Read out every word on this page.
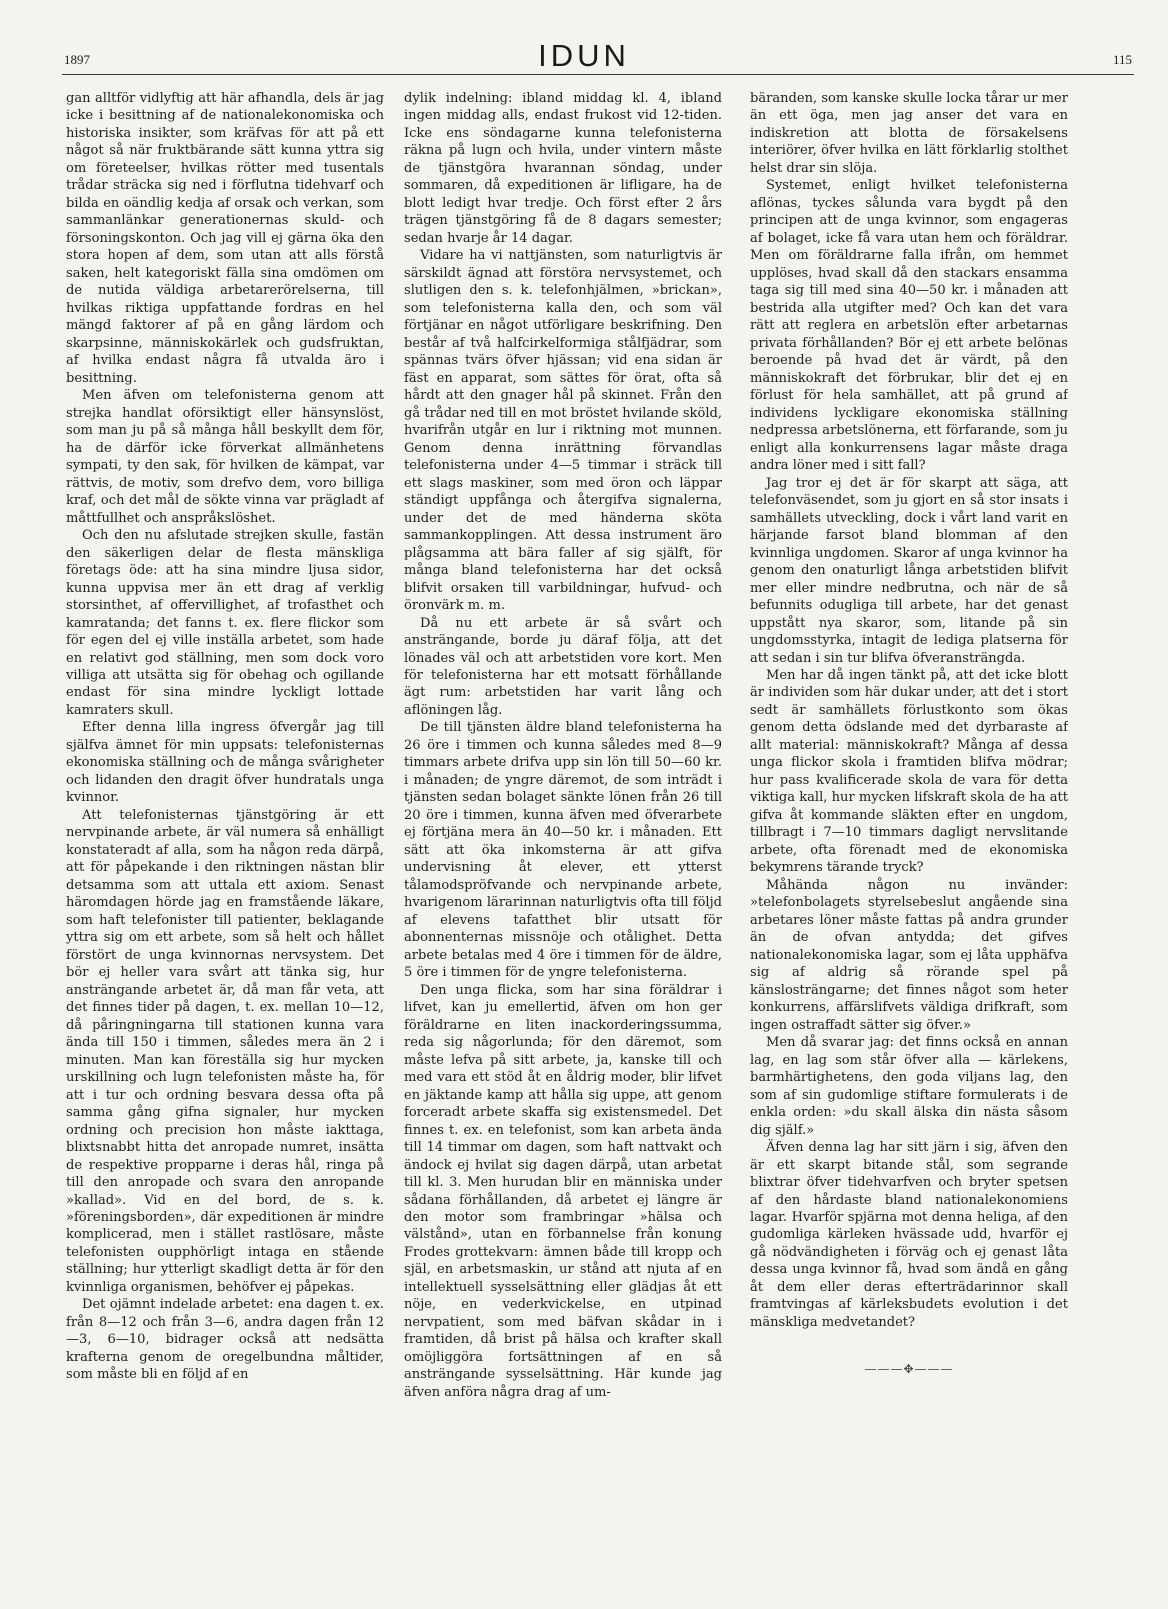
1897	IDUN	115

gan alltför vidlyftig att här afhandla, dels är jag icke i besittning af de nationalekonomiska och historiska insikter, som kräfvas för att på ett något så när fruktbärande sätt kunna yttra sig om företeelser, hvilkas rötter med tusentals trådar sträcka sig ned i förflutna tidehvarf och bilda en oändlig kedja af orsak och verkan, som sammanlänkar generationernas skuld- och försoningskonton. Och jag vill ej gärna öka den stora hopen af dem, som utan att alls förstå saken, helt kategoriskt fälla sina omdömen om de nutida väldiga arbetarerörelserna, till hvilkas riktiga uppfattande fordras en hel mängd faktorer af på en gång lärdom och skarpsinne, människokärlek och gudsfruktan, af hvilka endast några få utvalda äro i besittning.

Men äfven om telefonisterna genom att strejka handlat oförsiktigt eller hänsynslöst, som man ju på så många håll beskyllt dem för, ha de därför icke förverkat allmänhetens sympati, ty den sak, för hvilken de kämpat, var rättvis, de motiv, som drefvo dem, voro billiga kraf, och det mål de sökte vinna var prägladt af måttfullhet och anspråkslöshet.

Och den nu afslutade strejken skulle, fastän den säkerligen delar de flesta mänskliga företags öde: att ha sina mindre ljusa sidor, kunna uppvisa mer än ett drag af verklig storsinthet, af offervillighet, af trofasthet och kamratanda; det fanns t. ex. flere flickor som för egen del ej ville inställa arbetet, som hade en relativt god ställning, men som dock voro villiga att utsätta sig för obehag och ogillande endast för sina mindre lyckligt lottade kamraters skull.

Efter denna lilla ingress öfvergår jag till själfva ämnet för min uppsats: telefonisternas ekonomiska ställning och de många svårigheter och lidanden den dragit öfver hundratals unga kvinnor.

Att telefonisternas tjänstgöring är ett nervpinande arbete, är väl numera så enhälligt konstateradt af alla, som ha någon reda därpå, att för påpekande i den riktningen nästan blir detsamma som att uttala ett axiom. Senast häromdagen hörde jag en framstående läkare, som haft telefonister till patienter, beklagande yttra sig om ett arbete, som så helt och hållet förstört de unga kvinnornas nervsystem. Det bör ej heller vara svårt att tänka sig, hur ansträngande arbetet är, då man får veta, att det finnes tider på dagen, t. ex. mellan 10—12, då påringningarna till stationen kunna vara ända till 150 i timmen, således mera än 2 i minuten. Man kan föreställa sig hur mycken urskillning och lugn telefonisten måste ha, för att i tur och ordning besvara dessa ofta på samma gång gifna signaler, hur mycken ordning och precision hon måste iakttaga, blixtsnabbt hitta det anropade numret, insätta de respektive propparne i deras hål, ringa på till den anropade och svara den anropande »kallad». Vid en del bord, de s. k. »föreningsborden», där expeditionen är mindre komplicerad, men i stället rastlösare, måste telefonisten oupphörligt intaga en stående ställning; hur ytterligt skadligt detta är för den kvinnliga organismen, behöfver ej påpekas.

Det ojämnt indelade arbetet: ena dagen t. ex. från 8—12 och från 3—6, andra dagen från 12—3, 6—10, bidrager också att nedsätta krafterna genom de oregelbundna måltider, som måste bli en följd af en

dylik indelning: ibland middag kl. 4, ibland ingen middag alls, endast frukost vid 12-tiden. Icke ens söndagarne kunna telefonisterna räkna på lugn och hvila, under vintern måste de tjänstgöra hvarannan söndag, under sommaren, då expeditionen är lifligare, ha de blott ledigt hvar tredje. Och först efter 2 års trägen tjänstgöring få de 8 dagars semester; sedan hvarje år 14 dagar.

Vidare ha vi nattjänsten, som naturligtvis är särskildt ägnad att förstöra nervsystemet, och slutligen den s. k. telefonhjälmen, »brickan», som telefonisterna kalla den, och som väl förtjänar en något utförligare beskrifning. Den består af två halfcirkelformiga stålfjädrar, som spännas tvärs öfver hjässan; vid ena sidan är fäst en apparat, som sättes för örat, ofta så hårdt att den gnager hål på skinnet. Från den gå trådar ned till en mot bröstet hvilande sköld, hvarifrån utgår en lur i riktning mot munnen. Genom denna inrättning förvandlas telefonisterna under 4—5 timmar i sträck till ett slags maskiner, som med öron och läppar ständigt uppfånga och återgifva signalerna, under det de med händerna sköta sammankopplingen. Att dessa instrument äro plågsamma att bära faller af sig själft, för många bland telefonisterna har det också blifvit orsaken till varbildningar, hufvud- och öronvärk m. m.

Då nu ett arbete är så svårt och ansträngande, borde ju däraf följa, att det lönades väl och att arbetstiden vore kort. Men för telefonisterna har ett motsatt förhållande ägt rum: arbetstiden har varit lång och aflöningen låg.

De till tjänsten äldre bland telefonisterna ha 26 öre i timmen och kunna således med 8—9 timmars arbete drifva upp sin lön till 50—60 kr. i månaden; de yngre däremot, de som inträdt i tjänsten sedan bolaget sänkte lönen från 26 till 20 öre i timmen, kunna äfven med öfverarbete ej förtjäna mera än 40—50 kr. i månaden. Ett sätt att öka inkomsterna är att gifva undervisning åt elever, ett ytterst tålamodspröfvande och nervpinande arbete, hvarigenom lärarinnan naturligtvis ofta till följd af elevens tafatthet blir utsatt för abonnenternas missnöje och otålighet. Detta arbete betalas med 4 öre i timmen för de äldre, 5 öre i timmen för de yngre telefonisterna.

Den unga flicka, som har sina föräldrar i lifvet, kan ju emellertid, äfven om hon ger föräldrarne en liten inackorderingssumma, reda sig någorlunda; för den däremot, som måste lefva på sitt arbete, ja, kanske till och med vara ett stöd åt en åldrig moder, blir lifvet en jäktande kamp att hålla sig uppe, att genom forceradt arbete skaffa sig existensmedel. Det finnes t. ex. en telefonist, som kan arbeta ända till 14 timmar om dagen, som haft nattvakt och ändock ej hvilat sig dagen därpå, utan arbetat till kl. 3. Men hurudan blir en människa under sådana förhållanden, då arbetet ej längre är den motor som frambringar »hälsa och välstånd», utan en förbannelse från konung Frodes grottekvarn: ämnen både till kropp och själ, en arbetsmaskin, ur stånd att njuta af en intellektuell sysselsättning eller glädjas åt ett nöje, en vederkvickelse, en utpinad nervpatient, som med bäfvan skådar in i framtiden, då brist på hälsa och krafter skall omöjliggöra fortsättningen af en så ansträngande sysselsättning. Här kunde jag äfven anföra några drag af um-

bäranden, som kanske skulle locka tårar ur mer än ett öga, men jag anser det vara en indiskretion att blotta de försakelsens interiörer, öfver hvilka en lätt förklarlig stolthet helst drar sin slöja.

Systemet, enligt hvilket telefonisterna aflönas, tyckes sålunda vara bygdt på den principen att de unga kvinnor, som engageras af bolaget, icke få vara utan hem och föräldrar. Men om föräldrarne falla ifrån, om hemmet upplöses, hvad skall då den stackars ensamma taga sig till med sina 40—50 kr. i månaden att bestrida alla utgifter med? Och kan det vara rätt att reglera en arbetslön efter arbetarnas privata förhållanden? Bör ej ett arbete belönas beroende på hvad det är värdt, på den människokraft det förbrukar, blir det ej en förlust för hela samhället, att på grund af individens lyckligare ekonomiska ställning nedpressa arbetslönerna, ett förfarande, som ju enligt alla konkurrensens lagar måste draga andra löner med i sitt fall?

Jag tror ej det är för skarpt att säga, att telefonväsendet, som ju gjort en så stor insats i samhällets utveckling, dock i vårt land varit en härjande farsot bland blomman af den kvinnliga ungdomen. Skaror af unga kvinnor ha genom den onaturligt långa arbetstiden blifvit mer eller mindre nedbrutna, och när de så befunnits odugliga till arbete, har det genast uppstått nya skaror, som, litande på sin ungdomsstyrka, intagit de lediga platserna för att sedan i sin tur blifva öfveransträngda.

Men har då ingen tänkt på, att det icke blott är individen som här dukar under, att det i stort sedt är samhällets förlustkonto som ökas genom detta ödslande med det dyrbaraste af allt material: människokraft? Många af dessa unga flickor skola i framtiden blifva mödrar; hur pass kvalificerade skola de vara för detta viktiga kall, hur mycken lifskraft skola de ha att gifva åt kommande släkten efter en ungdom, tillbragt i 7—10 timmars dagligt nervslitande arbete, ofta förenadt med de ekonomiska bekymrens tärande tryck?

Måhända någon nu invänder: »telefonbolagets styrelsebeslut angående sina arbetares löner måste fattas på andra grunder än de ofvan antydda; det gifves nationalekonomiska lagar, som ej låta upphäfva sig af aldrig så rörande spel på känslosträngarne; det finnes något som heter konkurrens, affärslifvets väldiga drifkraft, som ingen ostraffadt sätter sig öfver.»

Men då svarar jag: det finns också en annan lag, en lag som står öfver alla — kärlekens, barmhärtighetens, den goda viljans lag, den som af sin gudomlige stiftare formulerats i de enkla orden: »du skall älska din nästa såsom dig själf.»

Äfven denna lag har sitt järn i sig, äfven den är ett skarpt bitande stål, som segrande blixtrar öfver tidehvarfven och bryter spetsen af den hårdaste bland nationalekonomiens lagar. Hvarför spjärna mot denna heliga, af den gudomliga kärleken hvässade udd, hvarför ej gå nödvändigheten i förväg och ej genast låta dessa unga kvinnor få, hvad som ändå en gång åt dem eller deras efterträdarinnor skall framtvingas af kärleksbudets evolution i det mänskliga medvetandet?

———✥———
